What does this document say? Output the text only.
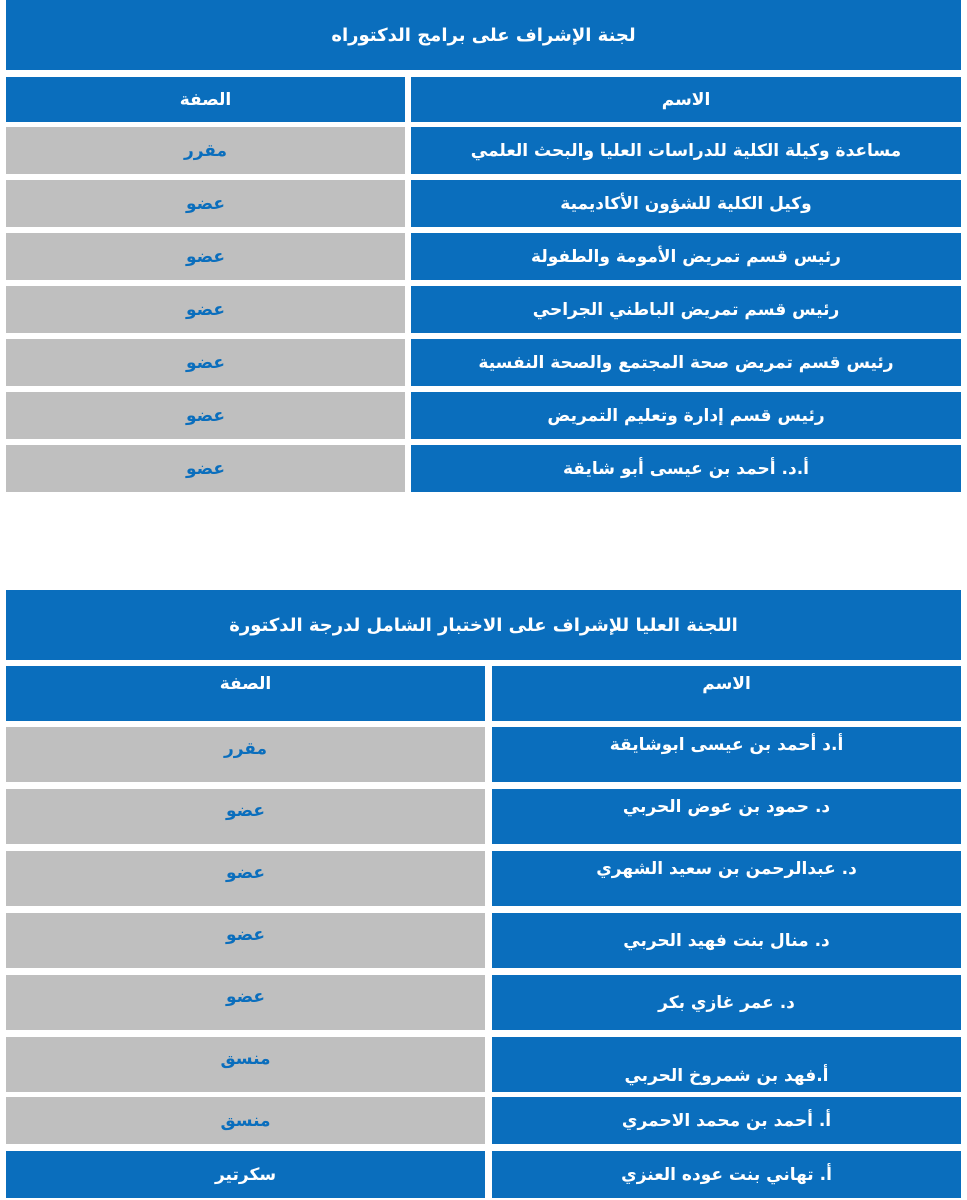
لجنة الإشراف على برامج الدكتوراه
الاسم
الصفة
مساعدة وكيلة الكلية للدراسات العليا والبحث العلمي
مقرر
وكيل الكلية للشؤون الأكاديمية
عضو
رئيس قسم تمريض الأمومة والطفولة
عضو
رئيس قسم تمريض الباطني الجراحي
عضو
رئيس قسم تمريض صحة المجتمع والصحة النفسية
عضو
رئيس قسم إدارة وتعليم التمريض
عضو
أ.د. أحمد بن عيسى أبو شايقة
عضو
اللجنة العليا للإشراف على الاختبار الشامل لدرجة الدكتورة
الاسم
الصفة
أ.د أحمد بن عيسى ابوشايقة
مقرر
د. حمود بن عوض الحربي
عضو
د. عبدالرحمن بن سعيد الشهري
عضو
د. منال بنت فهيد الحربي
عضو
د. عمر غازي بكر
عضو
أ.فهد بن شمروخ الحربي
منسق
أ. أحمد بن محمد الاحمري
منسق
أ. تهاني بنت عوده العنزي
سكرتير
